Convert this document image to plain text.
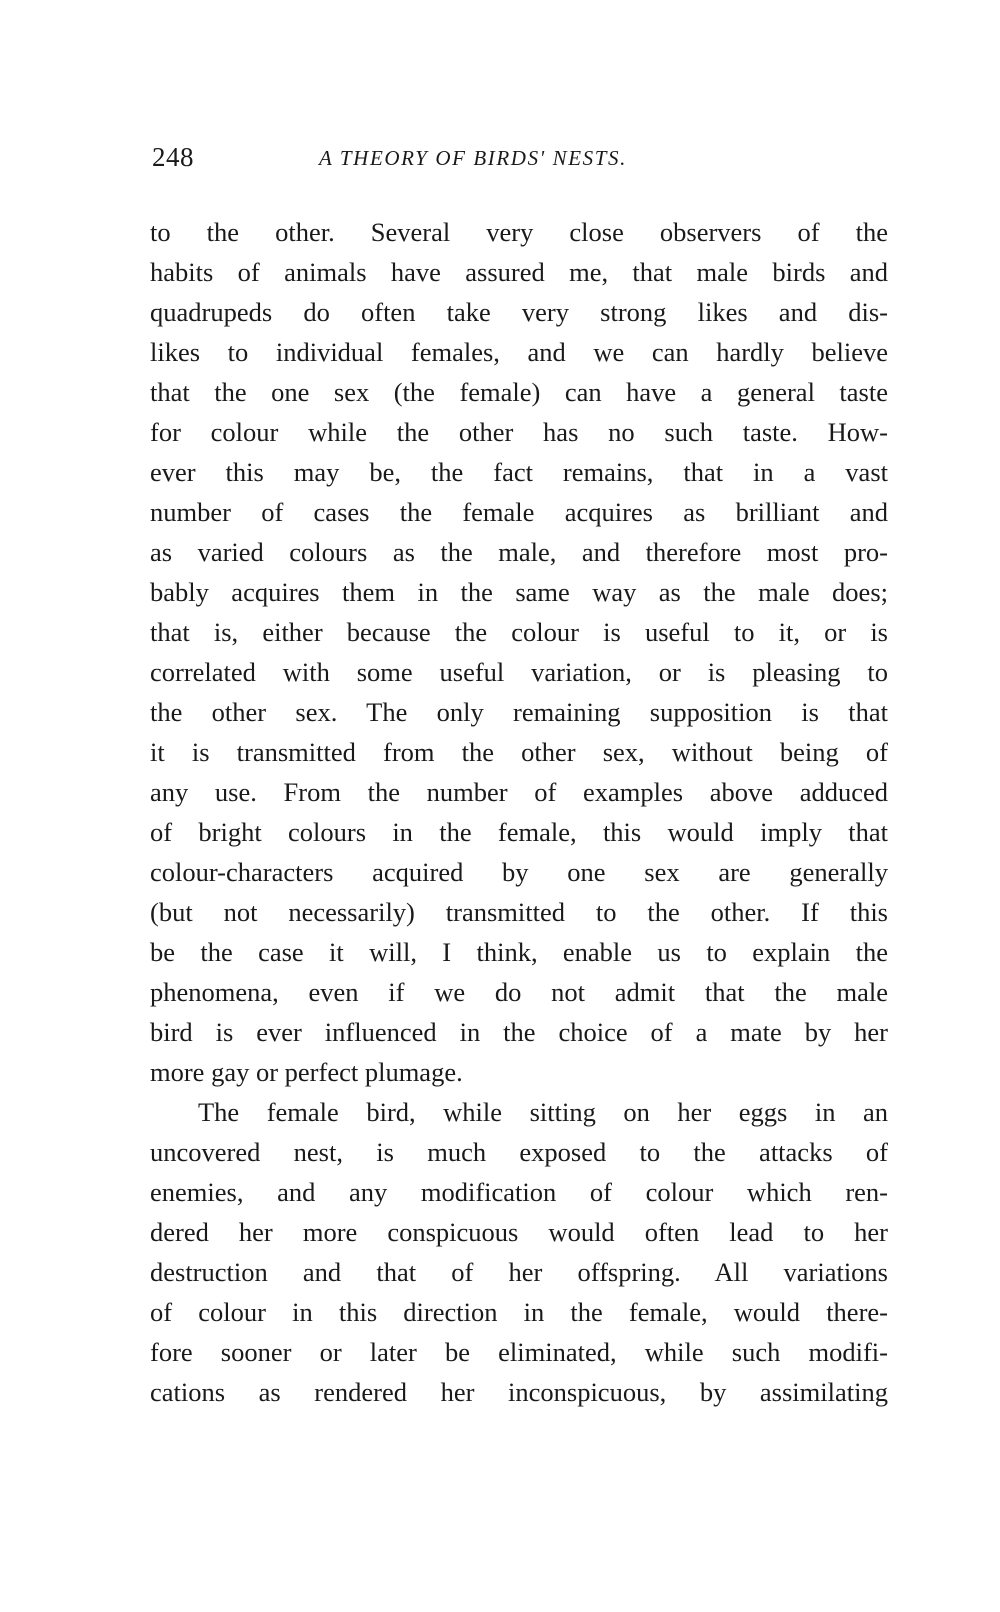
248	A THEORY OF BIRDS' NESTS.
to the other. Several very close observers of the
habits of animals have assured me, that male birds and
quadrupeds do often take very strong likes and dis-
likes to individual females, and we can hardly believe
that the one sex (the female) can have a general taste
for colour while the other has no such taste. How-
ever this may be, the fact remains, that in a vast
number of cases the female acquires as brilliant and
as varied colours as the male, and therefore most pro-
bably acquires them in the same way as the male does;
that is, either because the colour is useful to it, or is
correlated with some useful variation, or is pleasing to
the other sex. The only remaining supposition is that
it is transmitted from the other sex, without being of
any use. From the number of examples above adduced
of bright colours in the female, this would imply that
colour-characters acquired by one sex are generally
(but not necessarily) transmitted to the other. If this
be the case it will, I think, enable us to explain the
phenomena, even if we do not admit that the male
bird is ever influenced in the choice of a mate by her
more gay or perfect plumage.
The female bird, while sitting on her eggs in an
uncovered nest, is much exposed to the attacks of
enemies, and any modification of colour which ren-
dered her more conspicuous would often lead to her
destruction and that of her offspring. All variations
of colour in this direction in the female, would there-
fore sooner or later be eliminated, while such modifi-
cations as rendered her inconspicuous, by assimilating
